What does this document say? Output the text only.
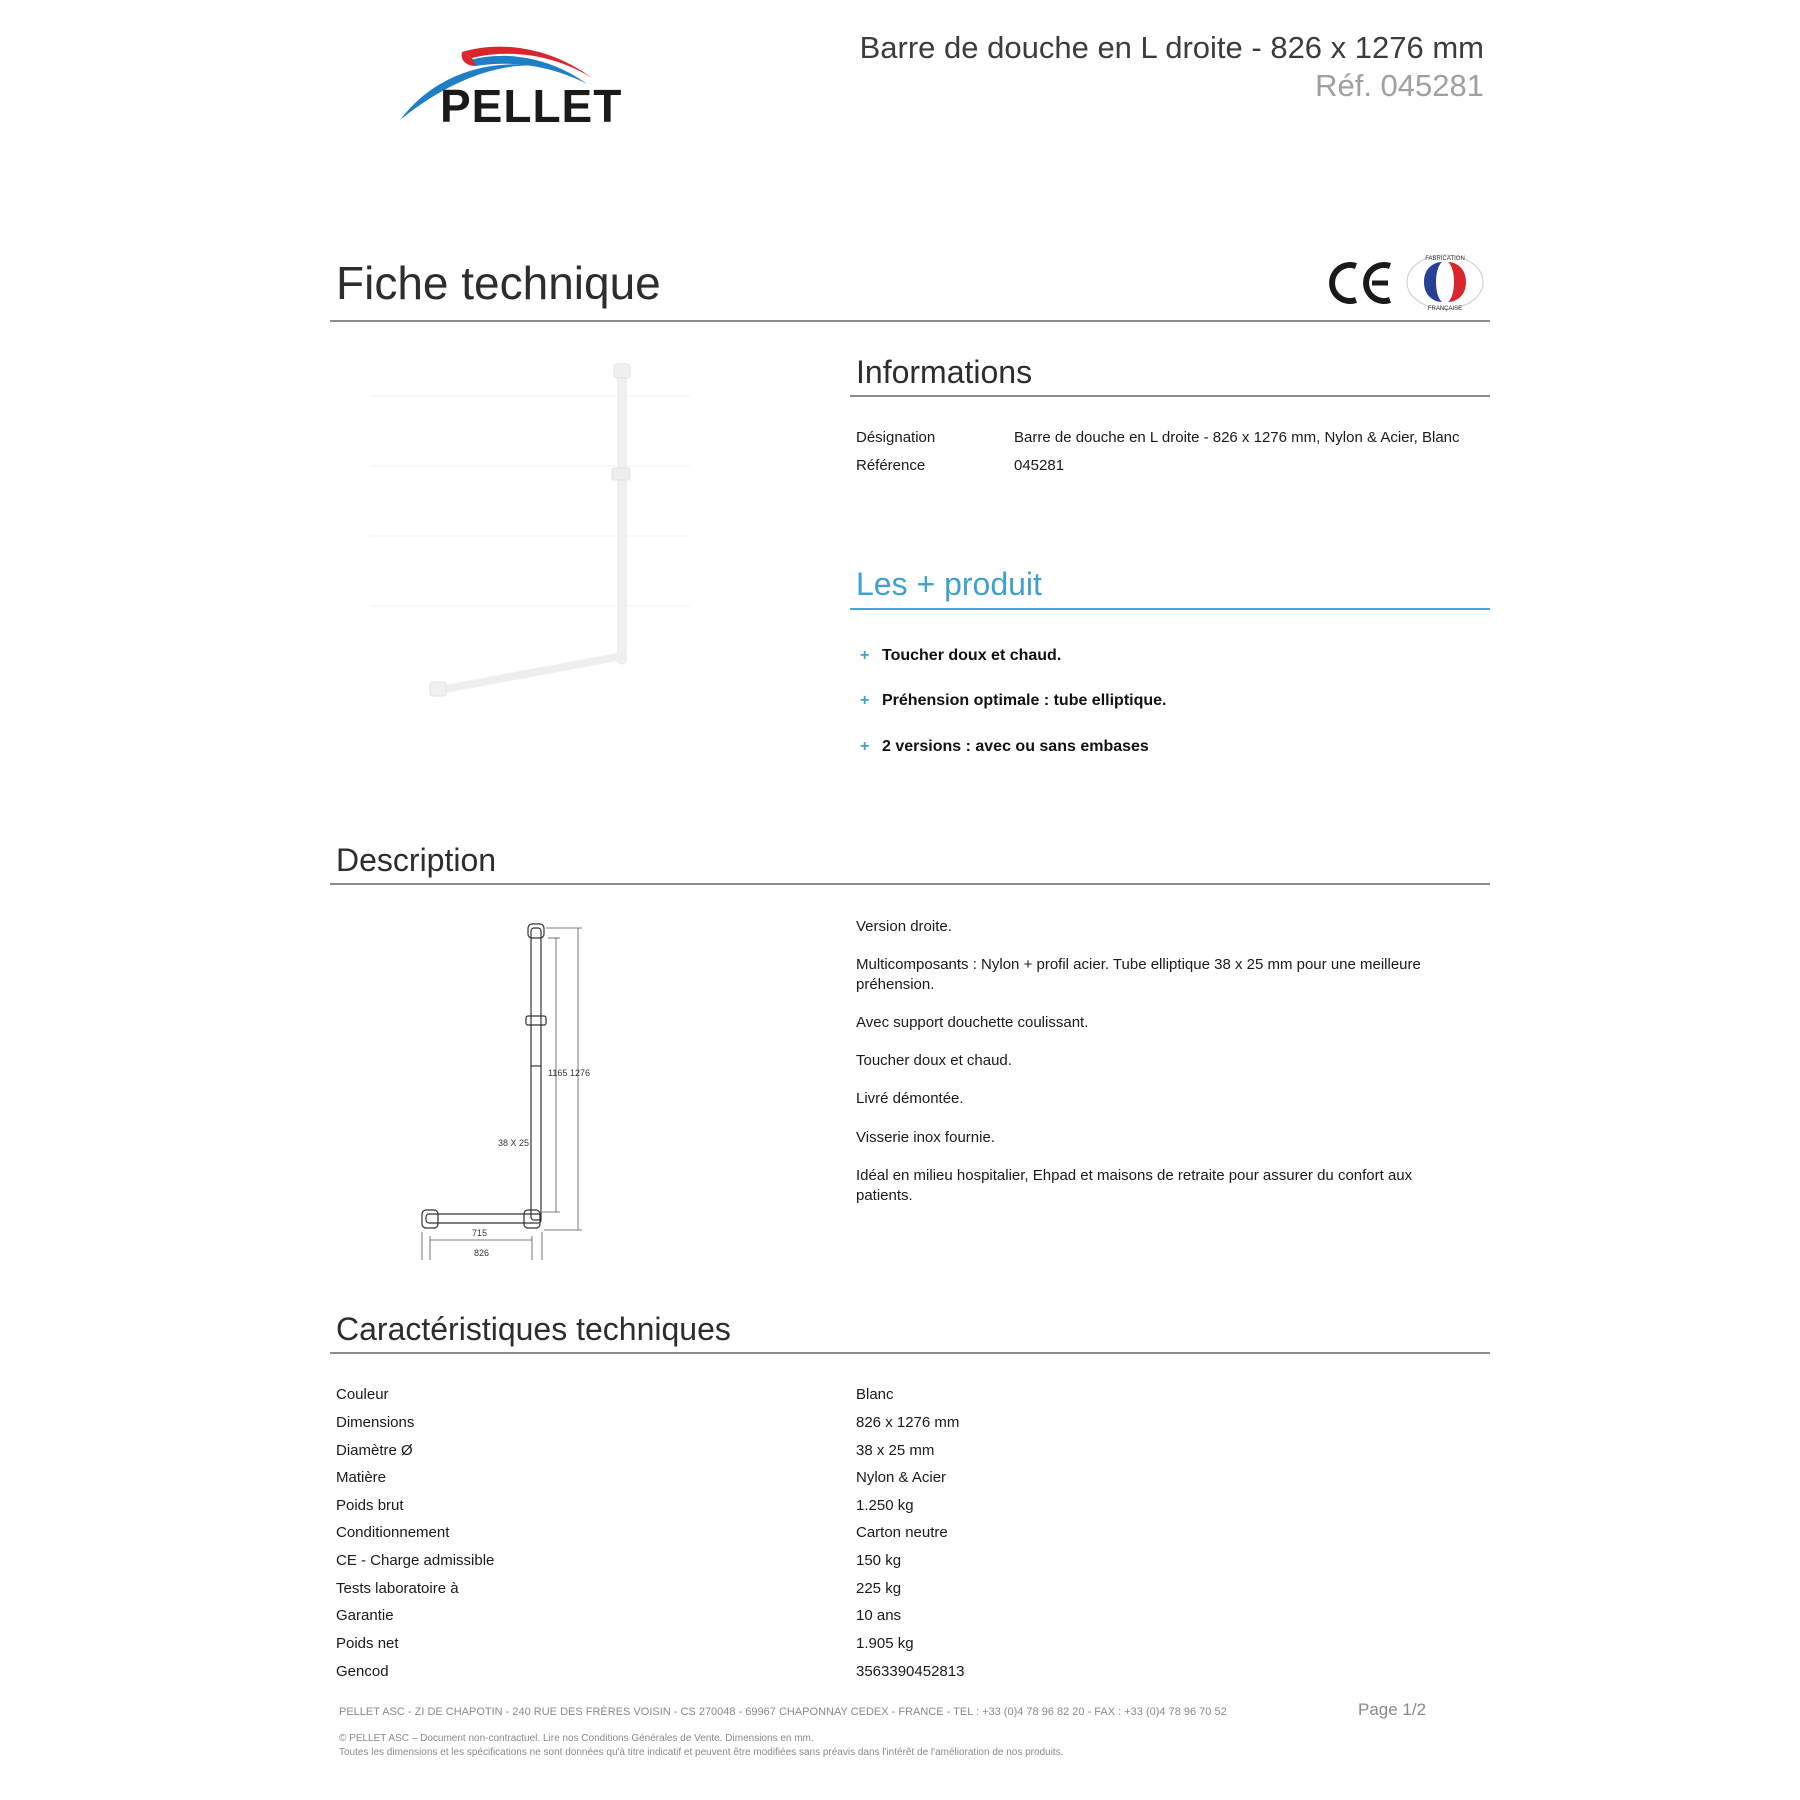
PELLET
Barre de douche en L droite - 826 x 1276 mm
Réf. 045281
Fiche technique	FABRICATION
FRANÇAISE
Informations
Désignation	Barre de douche en L droite - 826 x 1276 mm, Nylon & Acier, Blanc
Référence	045281
Les + produit
+ Toucher doux et chaud.
+ Préhension optimale : tube elliptique.
+ 2 versions : avec ou sans embases
Description
1165 1276
38 X 25
715
826
Version droite.
Multicomposants : Nylon + profil acier. Tube elliptique 38 x 25 mm pour une meilleure préhension.
Avec support douchette coulissant.
Toucher doux et chaud.
Livré démontée.
Visserie inox fournie.
Idéal en milieu hospitalier, Ehpad et maisons de retraite pour assurer du confort aux patients.
Caractéristiques techniques
Couleur	Blanc
Dimensions	826 x 1276 mm
Diamètre Ø	38 x 25 mm
Matière	Nylon & Acier
Poids brut	1.250 kg
Conditionnement	Carton neutre
CE - Charge admissible	150 kg
Tests laboratoire à	225 kg
Garantie	10 ans
Poids net	1.905 kg
Gencod	3563390452813
PELLET ASC - ZI DE CHAPOTIN - 240 RUE DES FRÈRES VOISIN - CS 270048 - 69967 CHAPONNAY CEDEX - FRANCE - TEL : +33 (0)4 78 96 82 20 - FAX : +33 (0)4 78 96 70 52	Page 1/2
© PELLET ASC – Document non-contractuel. Lire nos Conditions Générales de Vente. Dimensions en mm.
Toutes les dimensions et les spécifications ne sont données qu'à titre indicatif et peuvent être modifiées sans préavis dans l'intérêt de l'amélioration de nos produits.
